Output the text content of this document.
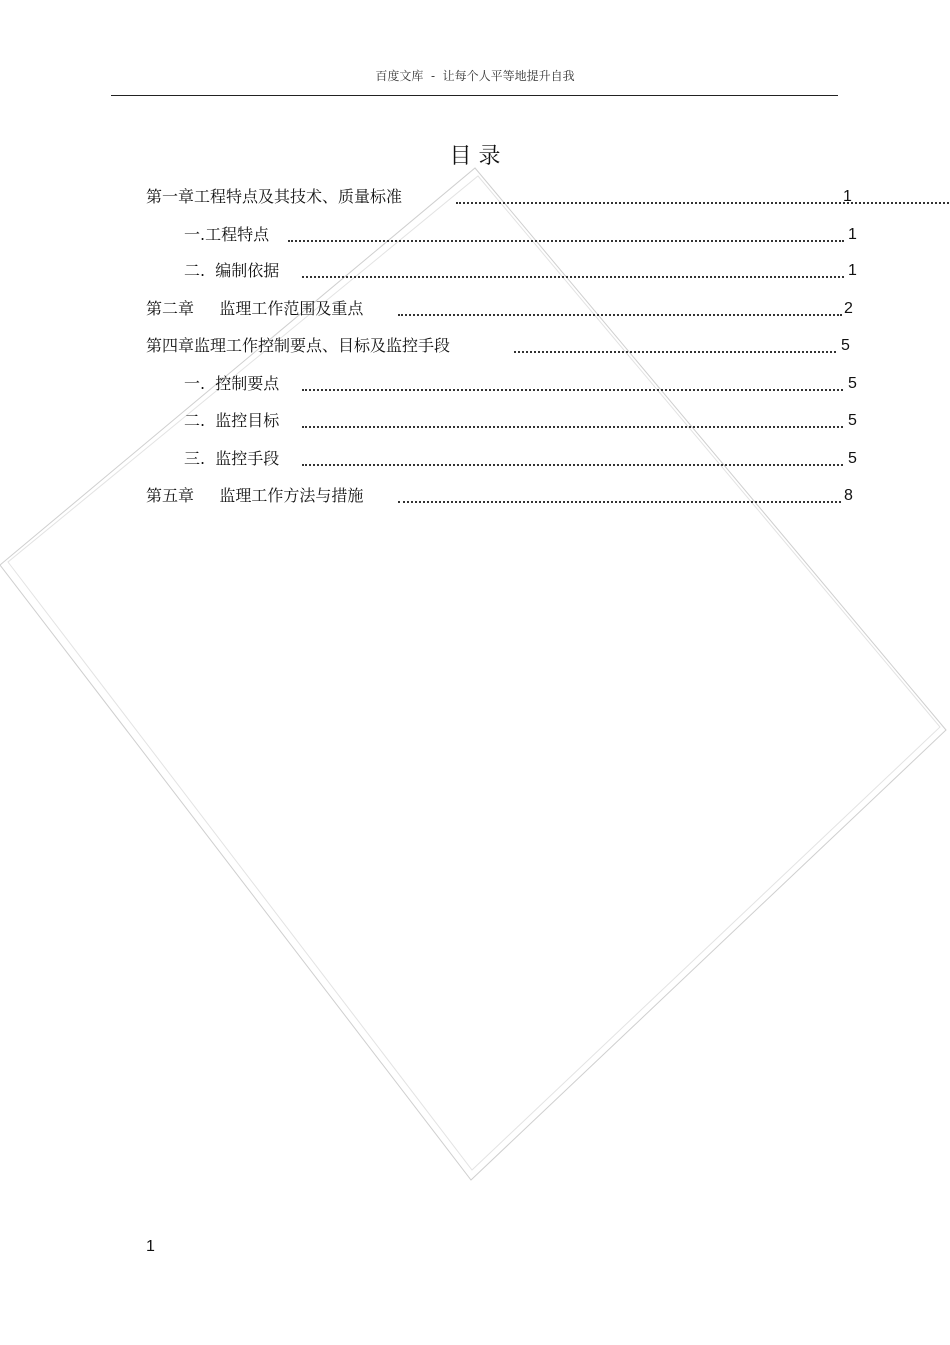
百度文库  -  让每个人平等地提升自我
目 录
第一章工程特点及其技术、质量标准	1
一.工程特点	1
二.  编制依据	1
第二章     监理工作范围及重点	2
第四章监理工作控制要点、目标及监控手段	5
一.  控制要点	5
二.  监控目标	5
三.  监控手段	5
第五章     监理工作方法与措施	8
1
